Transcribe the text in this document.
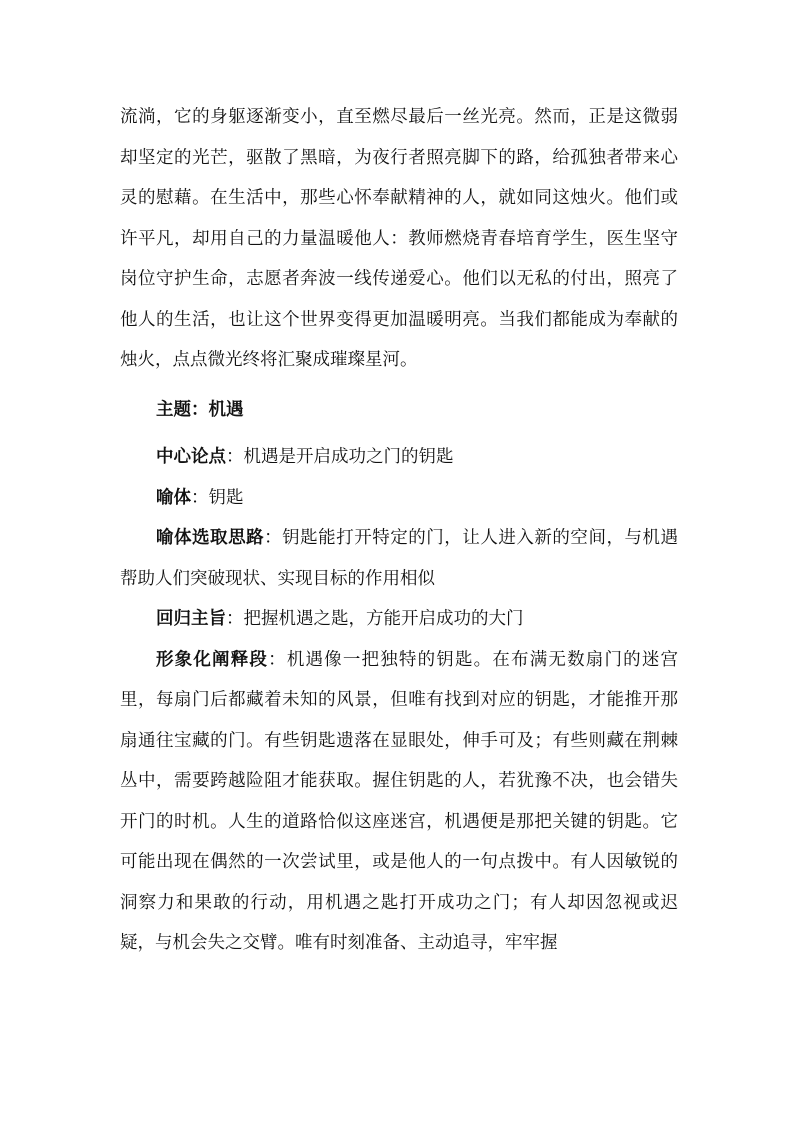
流淌，它的身躯逐渐变小，直至燃尽最后一丝光亮。然而，正是这微弱却坚定的光芒，驱散了黑暗，为夜行者照亮脚下的路，给孤独者带来心灵的慰藉。在生活中，那些心怀奉献精神的人，就如同这烛火。他们或许平凡，却用自己的力量温暖他人：教师燃烧青春培育学生，医生坚守岗位守护生命，志愿者奔波一线传递爱心。他们以无私的付出，照亮了他人的生活，也让这个世界变得更加温暖明亮。当我们都能成为奉献的烛火，点点微光终将汇聚成璀璨星河。

主题：机遇

中心论点：机遇是开启成功之门的钥匙

喻体：钥匙

喻体选取思路：钥匙能打开特定的门，让人进入新的空间，与机遇帮助人们突破现状、实现目标的作用相似

回归主旨：把握机遇之匙，方能开启成功的大门

形象化阐释段：机遇像一把独特的钥匙。在布满无数扇门的迷宫里，每扇门后都藏着未知的风景，但唯有找到对应的钥匙，才能推开那扇通往宝藏的门。有些钥匙遗落在显眼处，伸手可及；有些则藏在荆棘丛中，需要跨越险阻才能获取。握住钥匙的人，若犹豫不决，也会错失开门的时机。人生的道路恰似这座迷宫，机遇便是那把关键的钥匙。它可能出现在偶然的一次尝试里，或是他人的一句点拨中。有人因敏锐的洞察力和果敢的行动，用机遇之匙打开成功之门；有人却因忽视或迟疑，与机会失之交臂。唯有时刻准备、主动追寻，牢牢握
